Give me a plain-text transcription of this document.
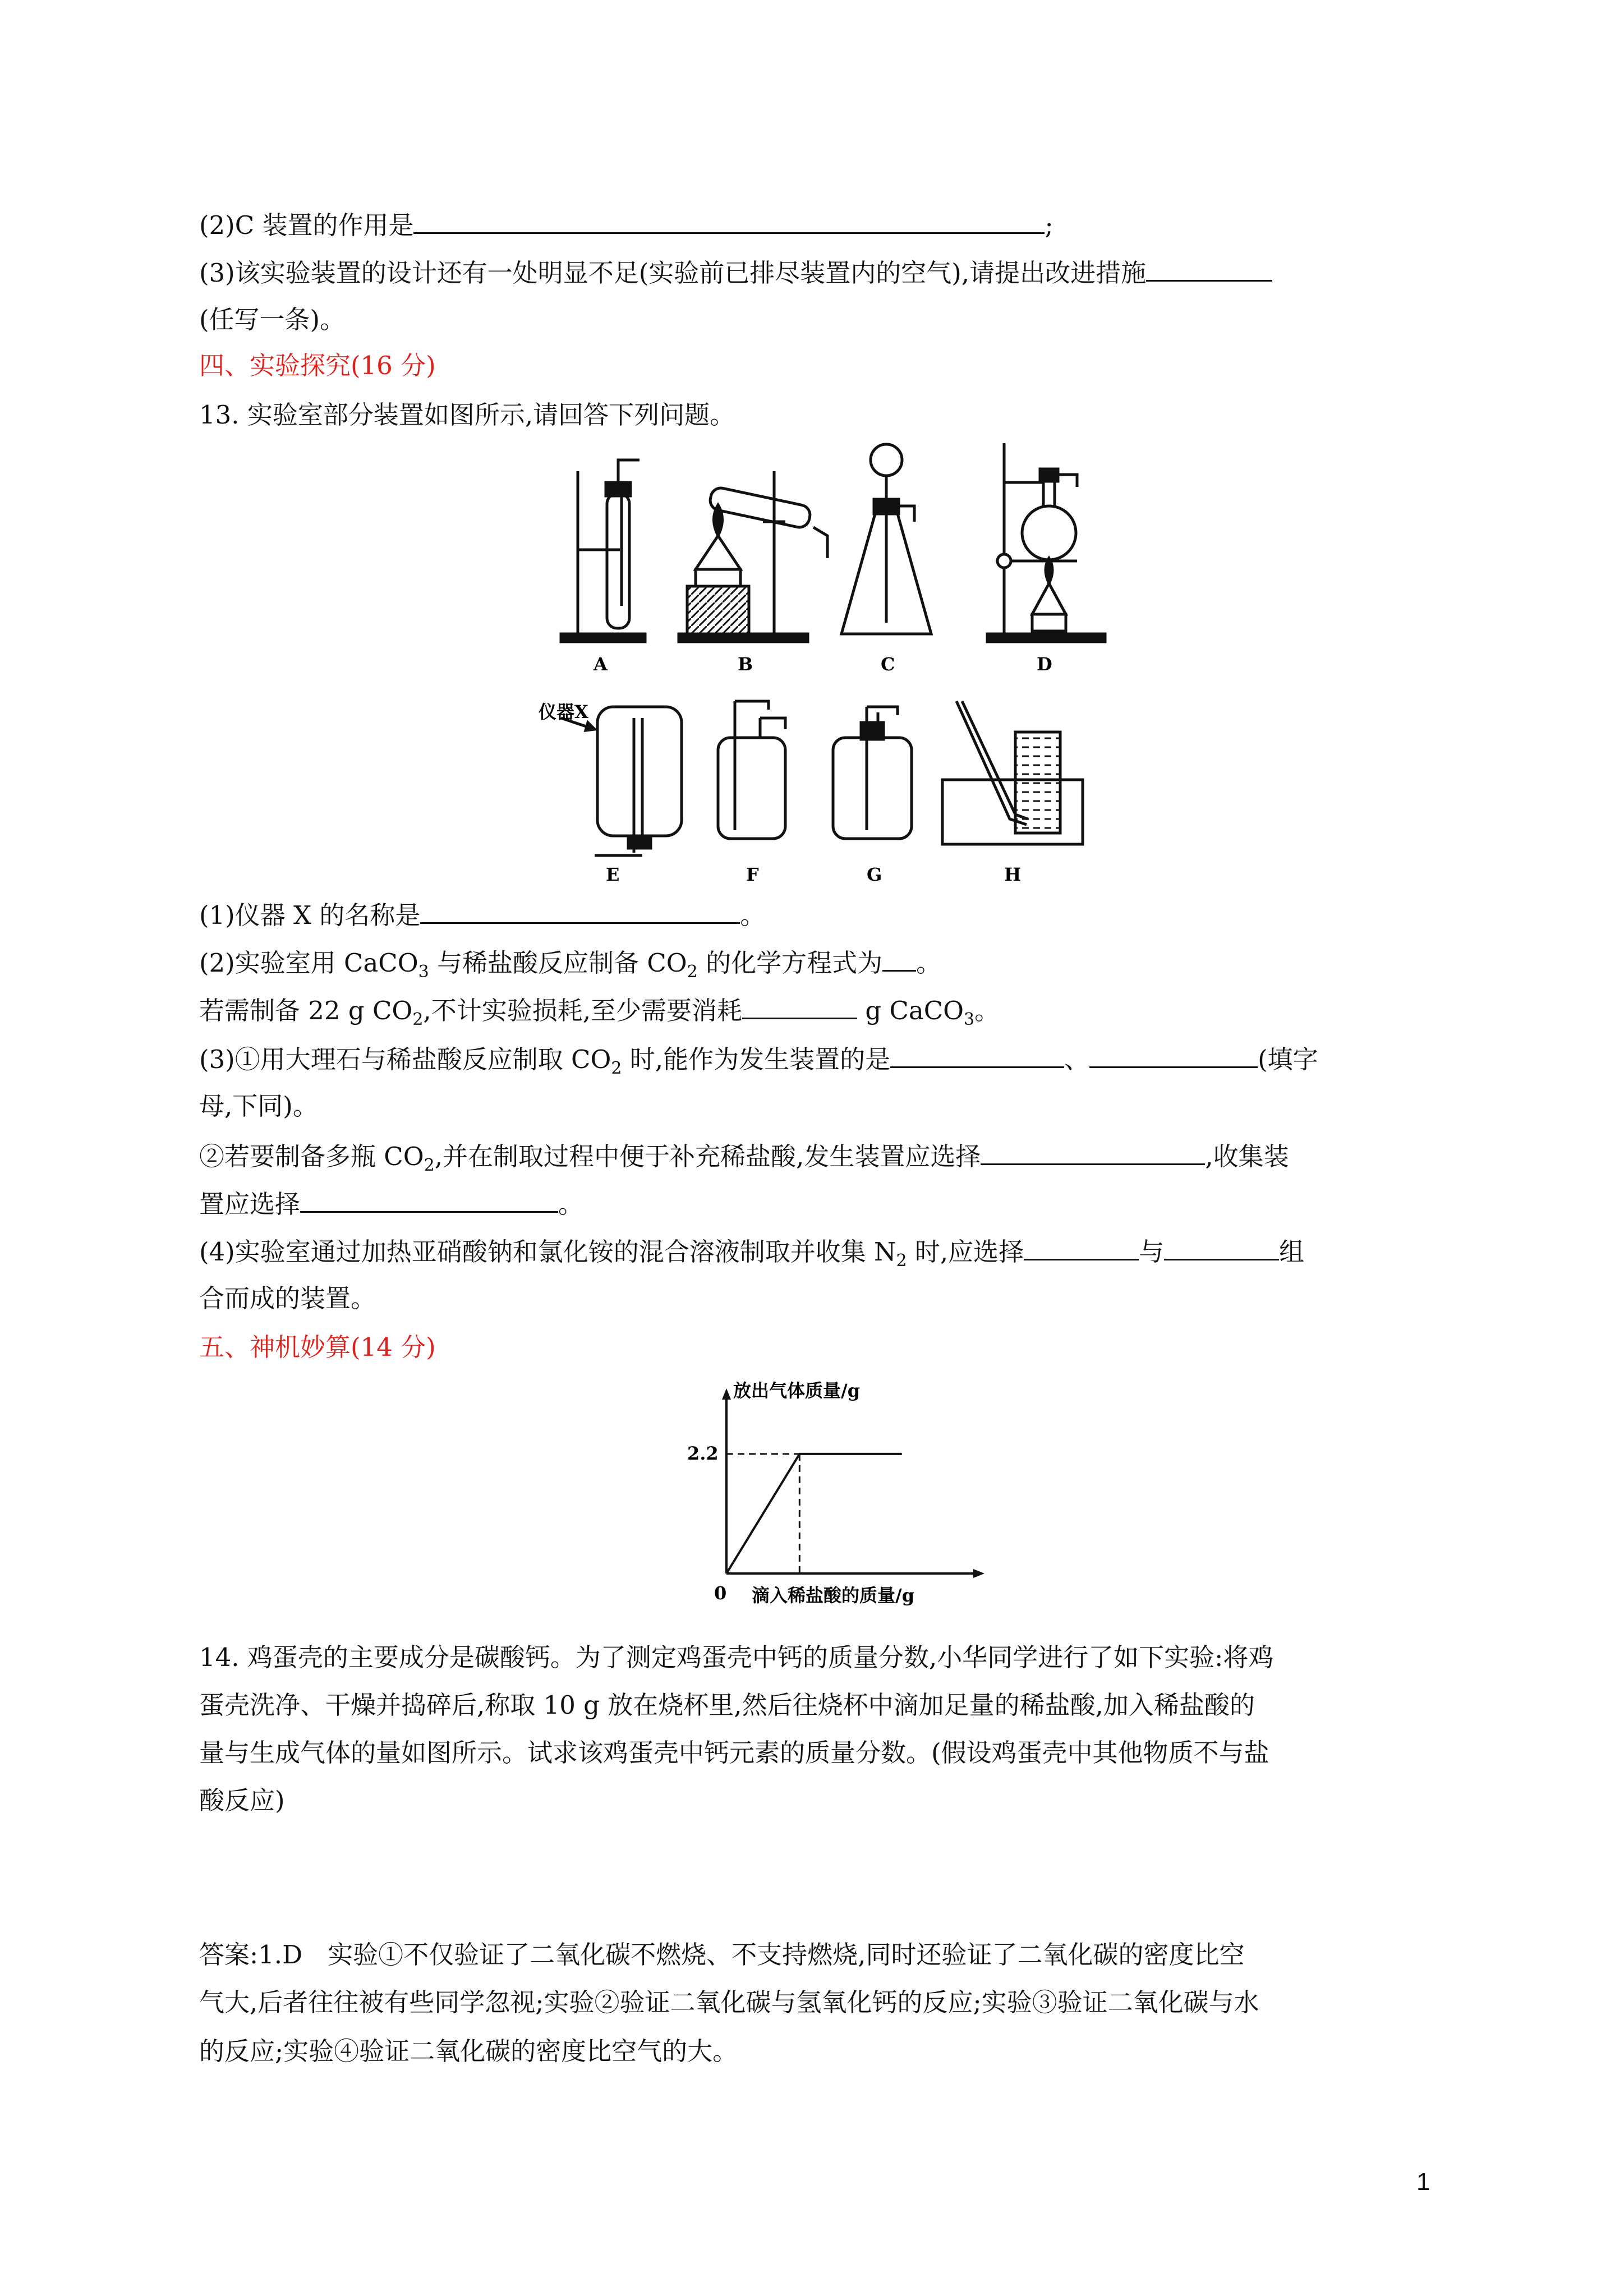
(2)C 装置的作用是	;
(3)该实验装置的设计还有一处明显不足(实验前已排尽装置内的空气),请提出改进措施
(任写一条)。
四、实验探究(16 分)
13. 实验室部分装置如图所示,请回答下列问题。
A	B	C	D
E	F	G	H
仪器X
(1)仪器 X 的名称是	。
(2)实验室用 CaCO$_3$ 与稀盐酸反应制备 $CO_2$ 的化学方程式为 。
若需制备 22 g $CO_2$,不计实验损耗,至少需要消耗	g CaCO$_3$。
(3)①用大理石与稀盐酸反应制取 $CO_2$ 时,能作为发生装置的是	、	(填字
母,下同)。
②若要制备多瓶 $CO_2$,并在制取过程中便于补充稀盐酸,发生装置应选择	,收集装
置应选择	。
(4)实验室通过加热亚硝酸钠和氯化铵的混合溶液制取并收集 $N_2$ 时,应选择	与	组
合而成的装置。
五、神机妙算(14 分)
放出气体质量/g
滴入稀盐酸的质量/g
0
2.2
14. 鸡蛋壳的主要成分是碳酸钙。为了测定鸡蛋壳中钙的质量分数,小华同学进行了如下实验:将鸡
蛋壳洗净、干燥并捣碎后,称取 10 g 放在烧杯里,然后往烧杯中滴加足量的稀盐酸,加入稀盐酸的
量与生成气体的量如图所示。试求该鸡蛋壳中钙元素的质量分数。(假设鸡蛋壳中其他物质不与盐
酸反应)
答案:1.D　实验①不仅验证了二氧化碳不燃烧、不支持燃烧,同时还验证了二氧化碳的密度比空
气大,后者往往被有些同学忽视;实验②验证二氧化碳与氢氧化钙的反应;实验③验证二氧化碳与水
的反应;实验④验证二氧化碳的密度比空气的大。
1
